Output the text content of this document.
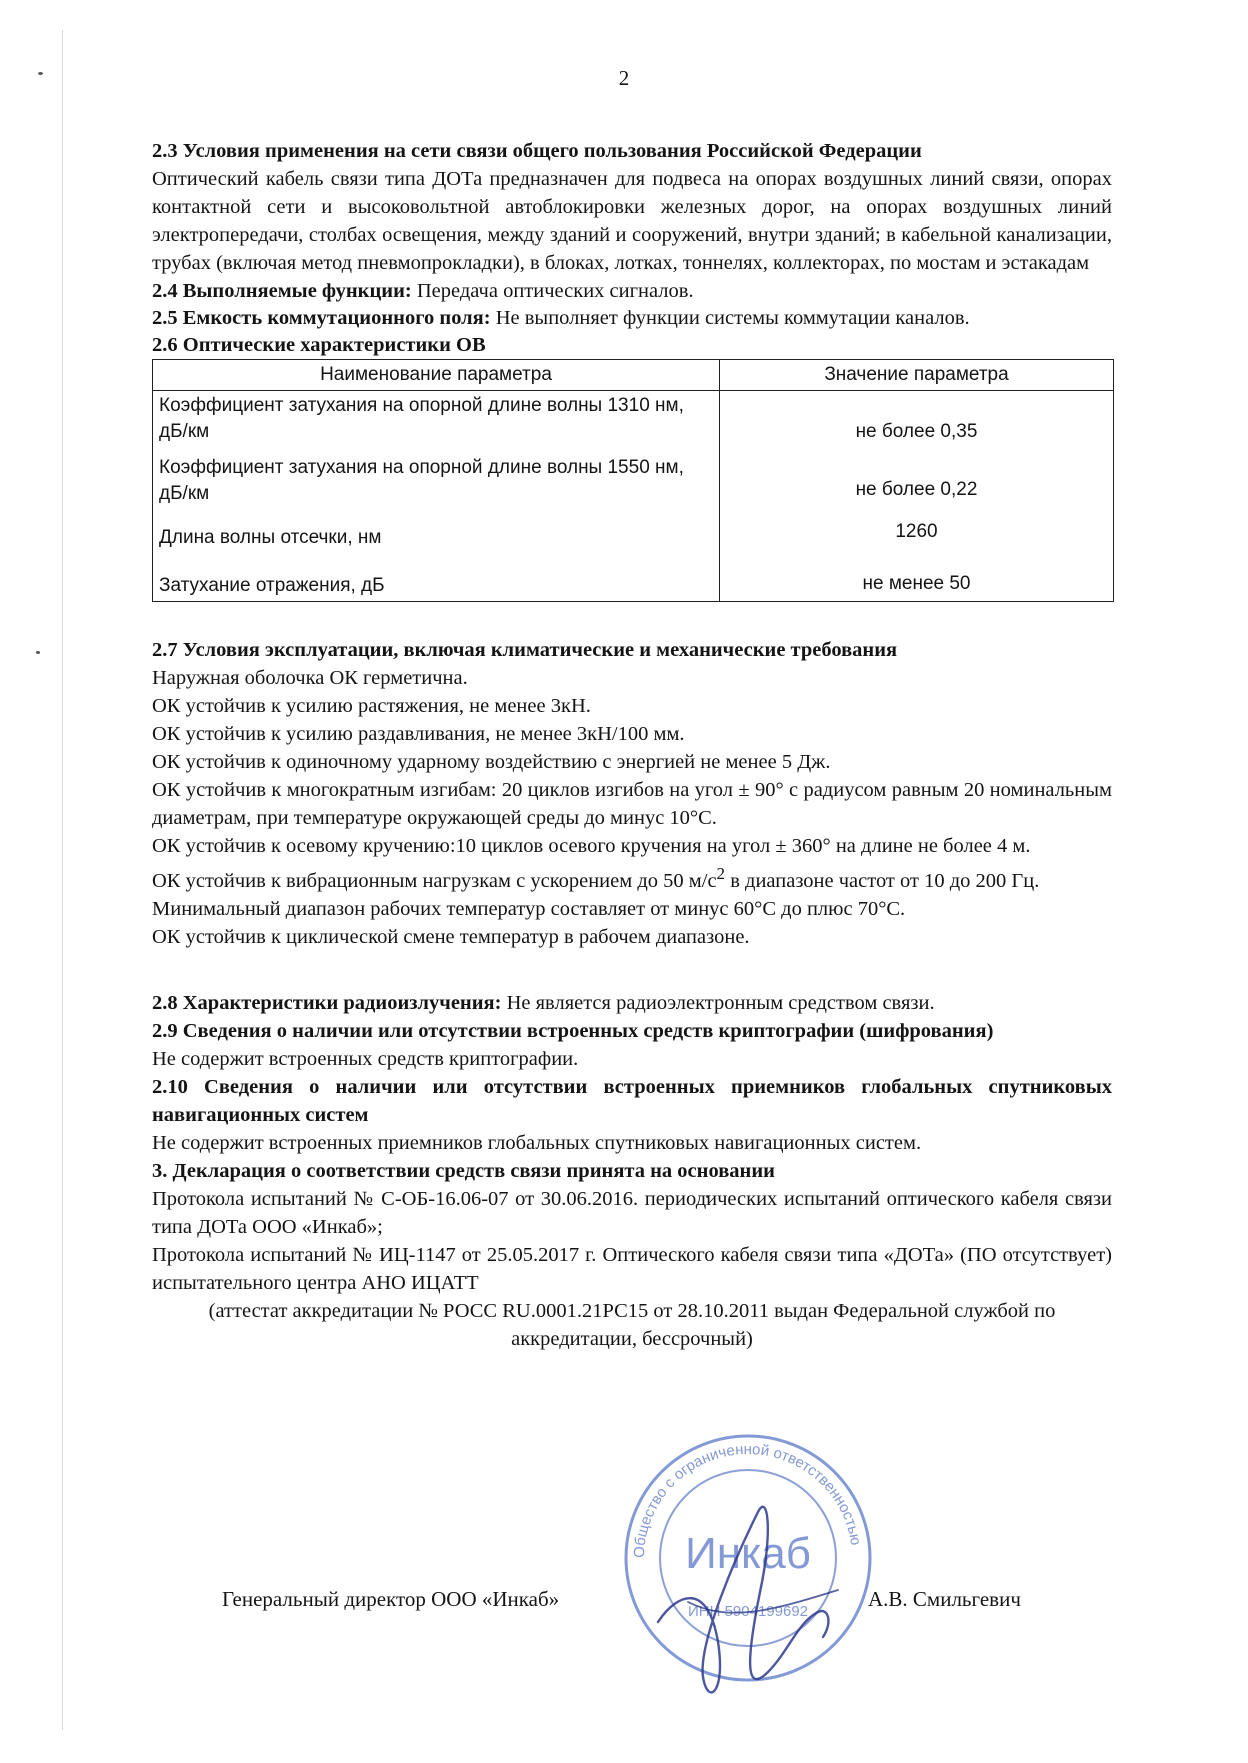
2

2.3 Условия применения на сети связи общего пользования Российской Федерации

Оптический кабель связи типа ДОТа предназначен для подвеса на опорах воздушных линий связи, опорах контактной сети и высоковольтной автоблокировки железных дорог, на опорах воздушных линий электропередачи, столбах освещения, между зданий и сооружений, внутри зданий; в кабельной канализации, трубах (включая метод пневмопрокладки), в блоках, лотках, тоннелях, коллекторах, по мостам и эстакадам

2.4 Выполняемые функции: Передача оптических сигналов.

2.5 Емкость коммутационного поля: Не выполняет функции системы коммутации каналов.

2.6 Оптические характеристики ОВ

Наименование параметра	Значение параметра
Коэффициент затухания на опорной длине волны 1310 нм, дБ/км	не более 0,35
Коэффициент затухания на опорной длине волны 1550 нм, дБ/км	не более 0,22
Длина волны отсечки, нм	1260
Затухание отражения, дБ	не менее 50

2.7 Условия эксплуатации, включая климатические и механические требования

Наружная оболочка ОК герметична.

ОК устойчив к усилию растяжения, не менее 3кН.

ОК устойчив к усилию раздавливания, не менее 3кН/100 мм.

ОК устойчив к одиночному ударному воздействию с энергией не менее 5 Дж.

ОК устойчив к многократным изгибам: 20 циклов изгибов на угол ± 90° с радиусом равным 20 номинальным диаметрам, при температуре окружающей среды до минус 10°С.

ОК устойчив к осевому кручению:10 циклов осевого кручения на угол ± 360° на длине не более 4 м.

ОК устойчив к вибрационным нагрузкам с ускорением до 50 $м/с^2$ в диапазоне частот от 10 до 200 Гц.

Минимальный диапазон рабочих температур составляет от минус 60°С до плюс 70°С.

ОК устойчив к циклической смене температур в рабочем диапазоне.

2.8 Характеристики радиоизлучения: Не является радиоэлектронным средством связи.

2.9 Сведения о наличии или отсутствии встроенных средств криптографии (шифрования)

Не содержит встроенных средств криптографии.

2.10 Сведения о наличии или отсутствии встроенных приемников глобальных спутниковых навигационных систем

Не содержит встроенных приемников глобальных спутниковых навигационных систем.

3. Декларация о соответствии средств связи принята на основании

Протокола испытаний № С-ОБ-16.06-07 от 30.06.2016. периодических испытаний оптического кабеля связи типа ДОТа ООО «Инкаб»;

Протокола испытаний № ИЦ-1147 от 25.05.2017 г. Оптического кабеля связи типа «ДОТа» (ПО отсутствует) испытательного центра АНО ИЦАТТ

(аттестат аккредитации № РОСС RU.0001.21РС15 от 28.10.2011 выдан Федеральной службой по аккредитации, бессрочный)

Общество с ограниченной ответственностью
Инкаб
ИНН 5904199692
Генеральный директор ООО «Инкаб»	А.В. Смильгевич
